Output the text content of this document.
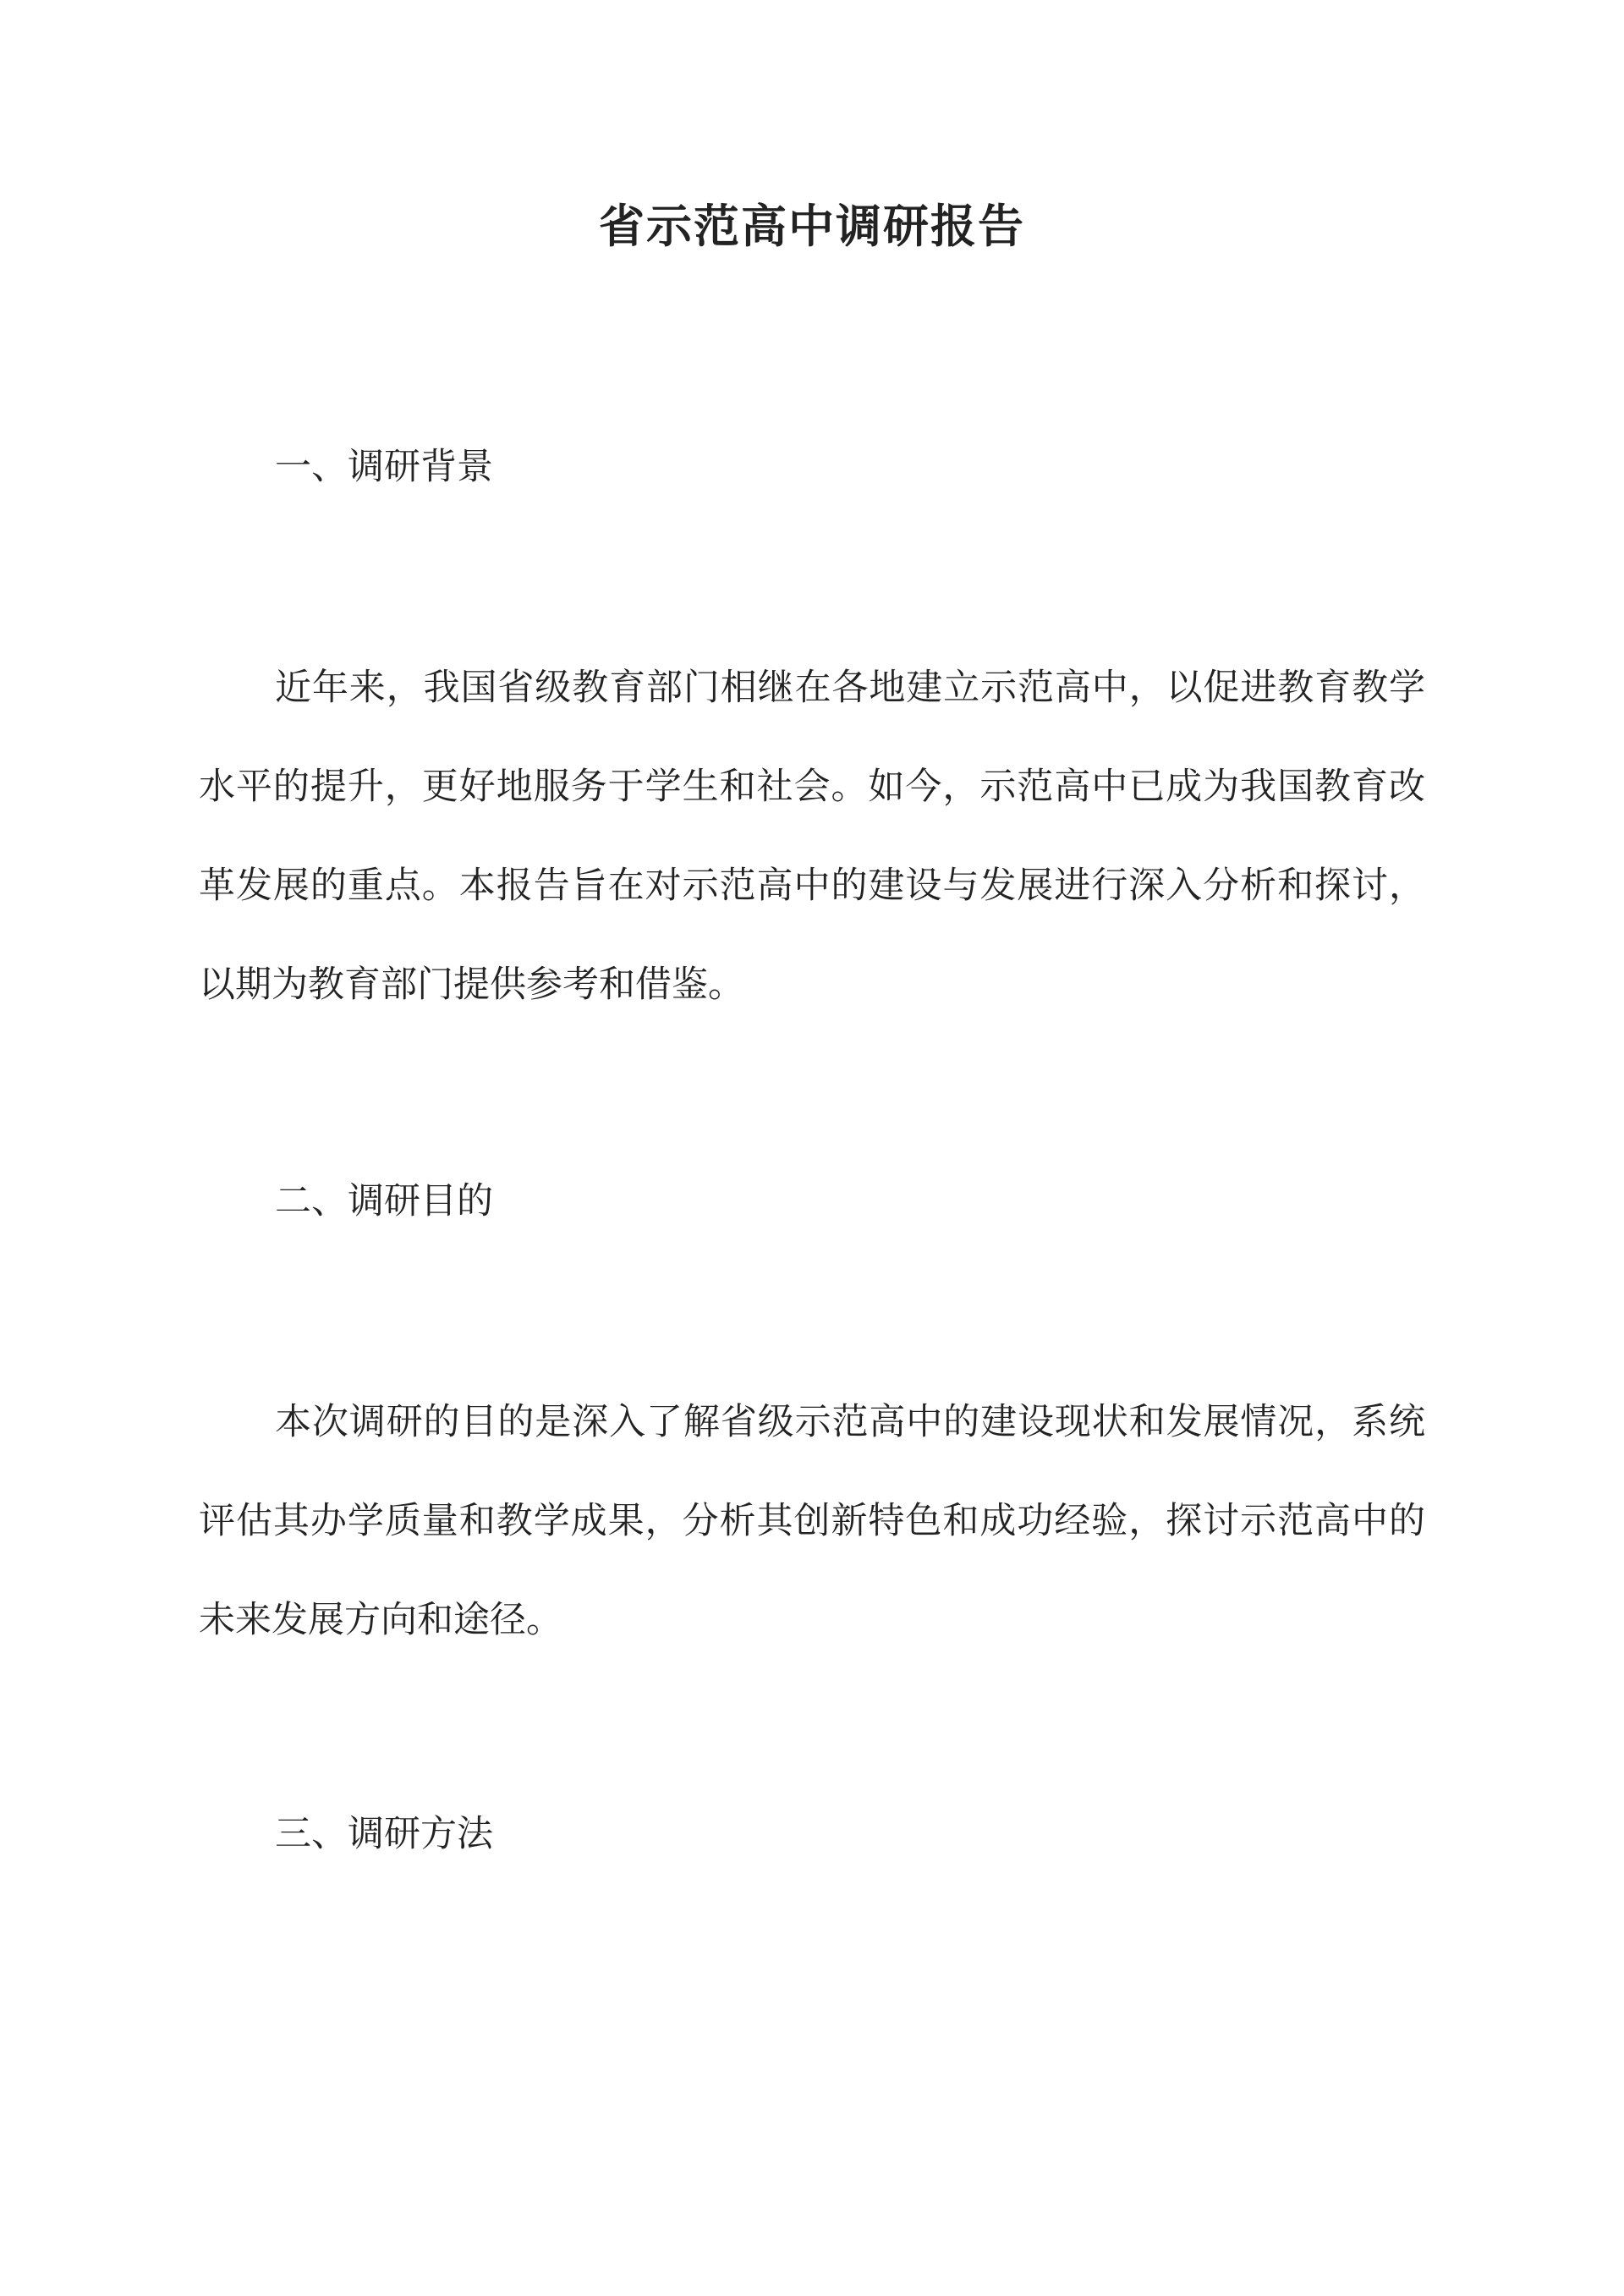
省示范高中调研报告
一、调研背景

近年来，我国省级教育部门相继在各地建立示范高中，以促进教育教学水平的提升，更好地服务于学生和社会。如今，示范高中已成为我国教育改革发展的重点。本报告旨在对示范高中的建设与发展进行深入分析和探讨，以期为教育部门提供参考和借鉴。

二、调研目的

本次调研的目的是深入了解省级示范高中的建设现状和发展情况，系统评估其办学质量和教学成果，分析其创新特色和成功经验，探讨示范高中的未来发展方向和途径。

三、调研方法
